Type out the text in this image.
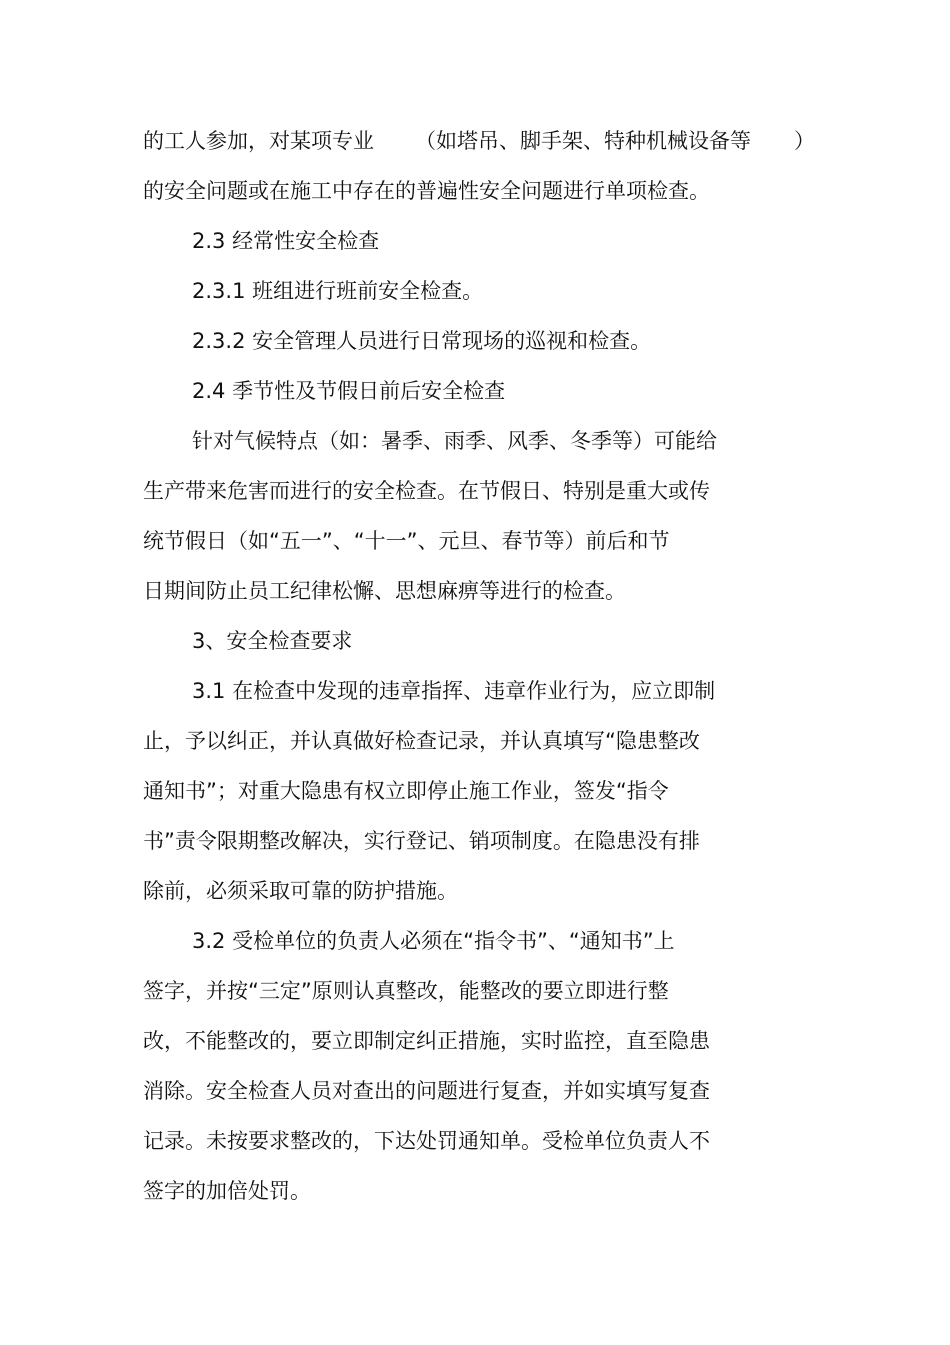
的工人参加，对某项专业 （如塔吊、脚手架、特种机械设备等 ）
的安全问题或在施工中存在的普遍性安全问题进行单项检查。
2.3 经常性安全检查
2.3.1 班组进行班前安全检查。
2.3.2 安全管理人员进行日常现场的巡视和检查。
2.4 季节性及节假日前后安全检查
针对气候特点（如：暑季、雨季、风季、冬季等）可能给
生产带来危害而进行的安全检查。在节假日、特别是重大或传
统节假日（如“五一”、“十一”、元旦、春节等）前后和节
日期间防止员工纪律松懈、思想麻痹等进行的检查。
3、安全检查要求
3.1 在检查中发现的违章指挥、违章作业行为，应立即制
止，予以纠正，并认真做好检查记录，并认真填写“隐患整改
通知书”；对重大隐患有权立即停止施工作业，签发“指令
书”责令限期整改解决，实行登记、销项制度。在隐患没有排
除前，必须采取可靠的防护措施。
3.2 受检单位的负责人必须在“指令书”、“通知书”上
签字，并按“三定”原则认真整改，能整改的要立即进行整
改，不能整改的，要立即制定纠正措施，实时监控，直至隐患
消除。安全检查人员对查出的问题进行复查，并如实填写复查
记录。未按要求整改的，下达处罚通知单。受检单位负责人不
签字的加倍处罚。
